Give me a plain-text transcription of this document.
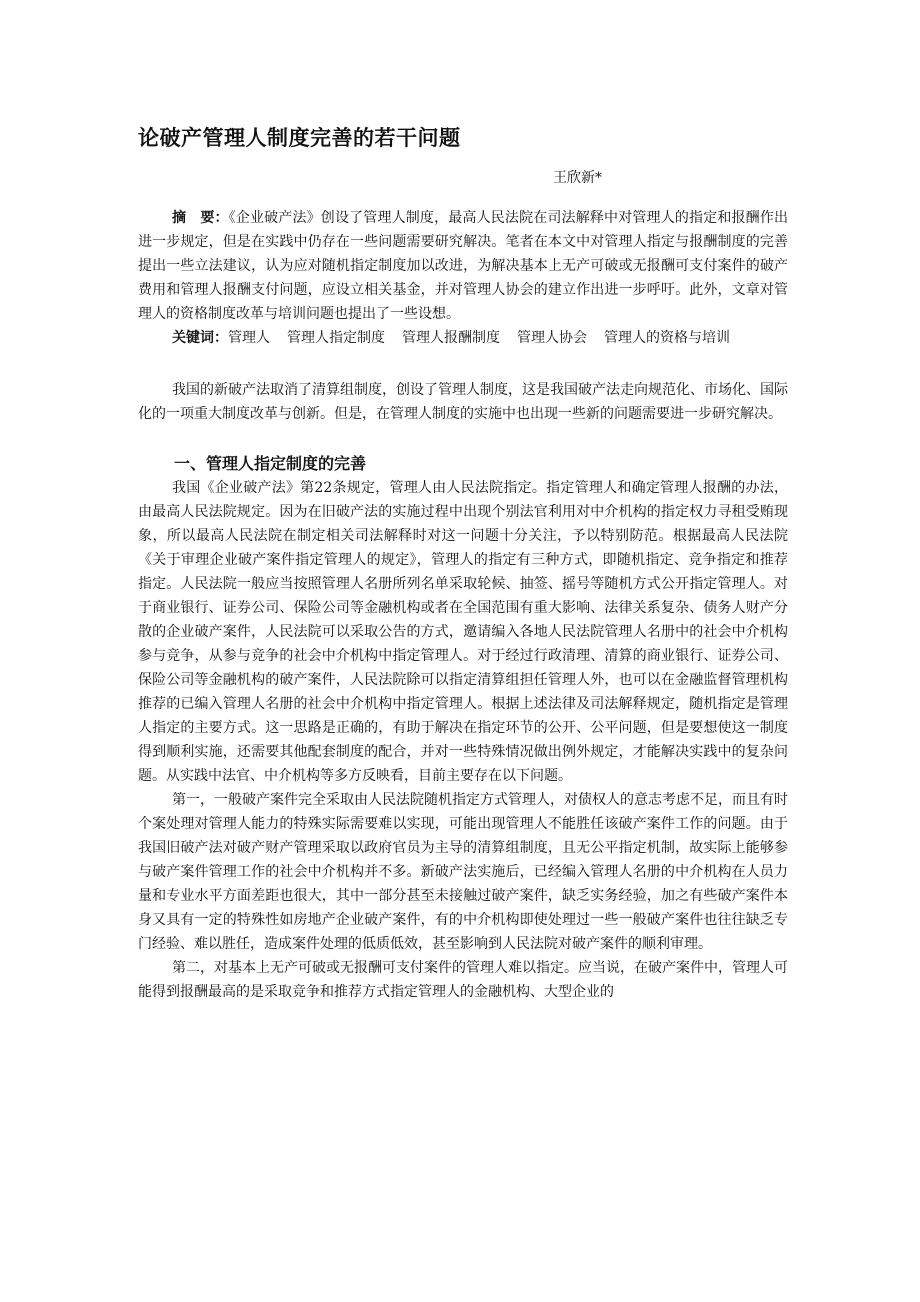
论破产管理人制度完善的若干问题
王欣新*

摘　要：《企业破产法》创设了管理人制度，最高人民法院在司法解释中对管理人的指定和报酬作出进一步规定，但是在实践中仍存在一些问题需要研究解决。笔者在本文中对管理人指定与报酬制度的完善提出一些立法建议，认为应对随机指定制度加以改进，为解决基本上无产可破或无报酬可支付案件的破产费用和管理人报酬支付问题，应设立相关基金，并对管理人协会的建立作出进一步呼吁。此外，文章对管理人的资格制度改革与培训问题也提出了一些设想。

关键词：管理人 管理人指定制度 管理人报酬制度 管理人协会 管理人的资格与培训

我国的新破产法取消了清算组制度，创设了管理人制度，这是我国破产法走向规范化、市场化、国际化的一项重大制度改革与创新。但是，在管理人制度的实施中也出现一些新的问题需要进一步研究解决。

一、管理人指定制度的完善

我国《企业破产法》第22条规定，管理人由人民法院指定。指定管理人和确定管理人报酬的办法，由最高人民法院规定。因为在旧破产法的实施过程中出现个别法官利用对中介机构的指定权力寻租受贿现象，所以最高人民法院在制定相关司法解释时对这一问题十分关注，予以特别防范。根据最高人民法院《关于审理企业破产案件指定管理人的规定》，管理人的指定有三种方式，即随机指定、竞争指定和推荐指定。人民法院一般应当按照管理人名册所列名单采取轮候、抽签、摇号等随机方式公开指定管理人。对于商业银行、证券公司、保险公司等金融机构或者在全国范围有重大影响、法律关系复杂、债务人财产分散的企业破产案件，人民法院可以采取公告的方式，邀请编入各地人民法院管理人名册中的社会中介机构参与竞争，从参与竞争的社会中介机构中指定管理人。对于经过行政清理、清算的商业银行、证券公司、保险公司等金融机构的破产案件，人民法院除可以指定清算组担任管理人外，也可以在金融监督管理机构推荐的已编入管理人名册的社会中介机构中指定管理人。根据上述法律及司法解释规定，随机指定是管理人指定的主要方式。这一思路是正确的，有助于解决在指定环节的公开、公平问题，但是要想使这一制度得到顺利实施，还需要其他配套制度的配合，并对一些特殊情况做出例外规定，才能解决实践中的复杂问题。从实践中法官、中介机构等多方反映看，目前主要存在以下问题。

第一，一般破产案件完全采取由人民法院随机指定方式管理人，对债权人的意志考虑不足，而且有时个案处理对管理人能力的特殊实际需要难以实现，可能出现管理人不能胜任该破产案件工作的问题。由于我国旧破产法对破产财产管理采取以政府官员为主导的清算组制度，且无公平指定机制，故实际上能够参与破产案件管理工作的社会中介机构并不多。新破产法实施后，已经编入管理人名册的中介机构在人员力量和专业水平方面差距也很大，其中一部分甚至未接触过破产案件，缺乏实务经验，加之有些破产案件本身又具有一定的特殊性如房地产企业破产案件，有的中介机构即使处理过一些一般破产案件也往往缺乏专门经验、难以胜任，造成案件处理的低质低效，甚至影响到人民法院对破产案件的顺利审理。

第二，对基本上无产可破或无报酬可支付案件的管理人难以指定。应当说，在破产案件中，管理人可能得到报酬最高的是采取竞争和推荐方式指定管理人的金融机构、大型企业的
